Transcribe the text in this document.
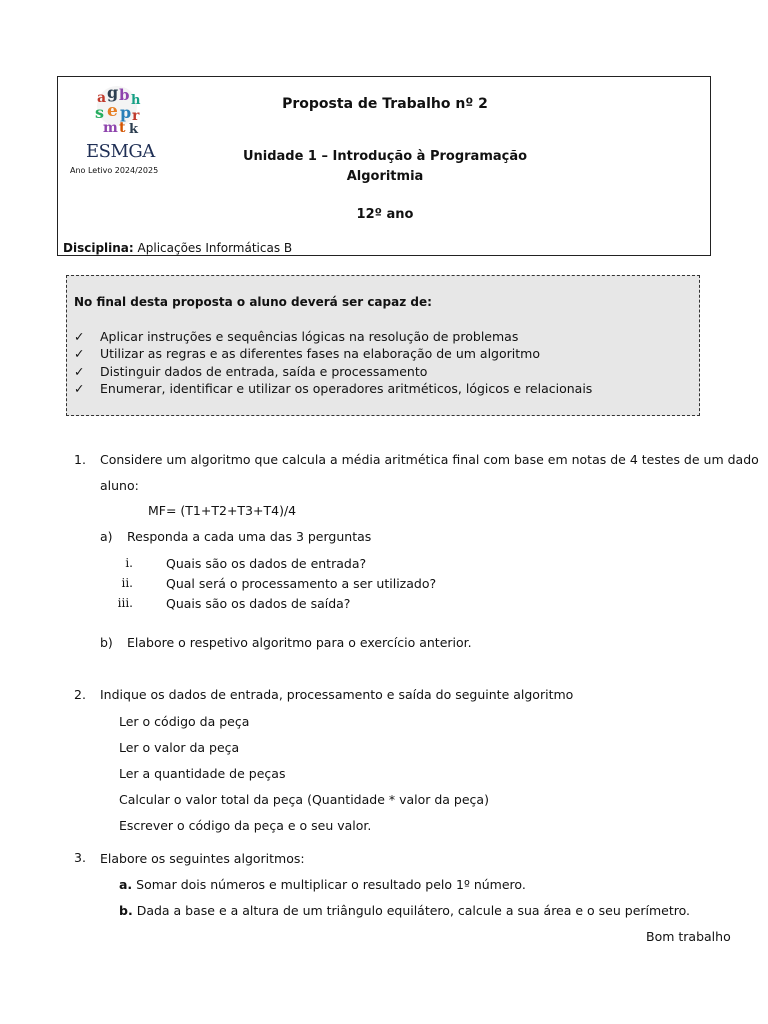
a g b h
s e p r
m t k
ESMGA
Ano Letivo 2024/2025
Proposta de Trabalho nº 2
Unidade 1 – Introdução à Programação
Algoritmia
12º ano
Disciplina: Aplicações Informáticas B
No final desta proposta o aluno deverá ser capaz de:
✓ Aplicar instruções e sequências lógicas na resolução de problemas
✓ Utilizar as regras e as diferentes fases na elaboração de um algoritmo
✓ Distinguir dados de entrada, saída e processamento
✓ Enumerar, identificar e utilizar os operadores aritméticos, lógicos e relacionais
1. Considere um algoritmo que calcula a média aritmética final com base em notas de 4 testes de um dado
aluno:
MF= (T1+T2+T3+T4)/4
a) Responda a cada uma das 3 perguntas
i.	Quais são os dados de entrada?
ii.	Qual será o processamento a ser utilizado?
iii.	Quais são os dados de saída?
b) Elabore o respetivo algoritmo para o exercício anterior.
2. Indique os dados de entrada, processamento e saída do seguinte algoritmo
Ler o código da peça
Ler o valor da peça
Ler a quantidade de peças
Calcular o valor total da peça (Quantidade * valor da peça)
Escrever o código da peça e o seu valor.
3. Elabore os seguintes algoritmos:
a. Somar dois números e multiplicar o resultado pelo 1º número.
b. Dada a base e a altura de um triângulo equilátero, calcule a sua área e o seu perímetro.
Bom trabalho
